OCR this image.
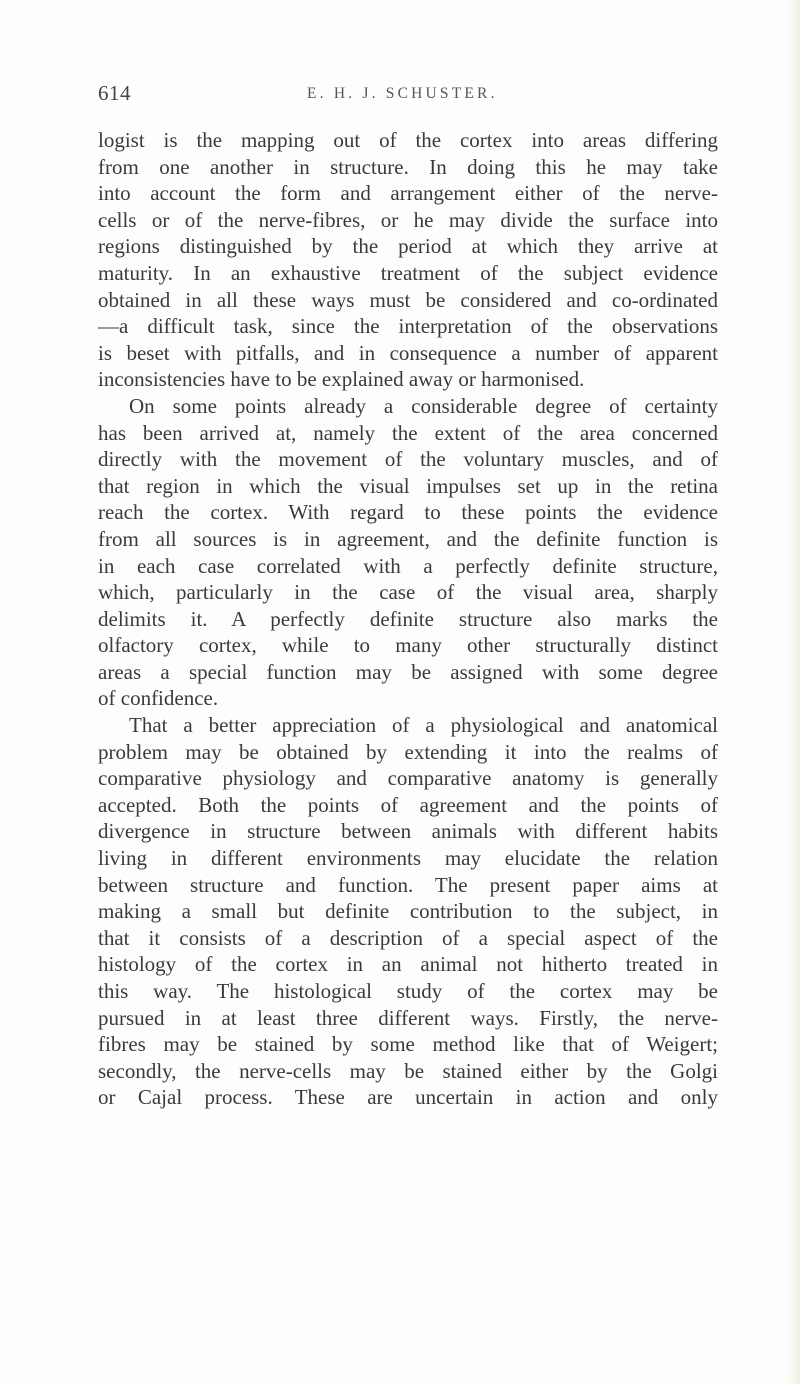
614	E. H. J. SCHUSTER.
logist is the mapping out of the cortex into areas differing
from one another in structure. In doing this he may take
into account the form and arrangement either of the nerve-
cells or of the nerve-fibres, or he may divide the surface into
regions distinguished by the period at which they arrive at
maturity. In an exhaustive treatment of the subject evidence
obtained in all these ways must be considered and co-ordinated
—a difficult task, since the interpretation of the observations
is beset with pitfalls, and in consequence a number of apparent
inconsistencies have to be explained away or harmonised.
On some points already a considerable degree of certainty
has been arrived at, namely the extent of the area concerned
directly with the movement of the voluntary muscles, and of
that region in which the visual impulses set up in the retina
reach the cortex. With regard to these points the evidence
from all sources is in agreement, and the definite function is
in each case correlated with a perfectly definite structure,
which, particularly in the case of the visual area, sharply
delimits it. A perfectly definite structure also marks the
olfactory cortex, while to many other structurally distinct
areas a special function may be assigned with some degree
of confidence.
That a better appreciation of a physiological and anatomical
problem may be obtained by extending it into the realms of
comparative physiology and comparative anatomy is generally
accepted. Both the points of agreement and the points of
divergence in structure between animals with different habits
living in different environments may elucidate the relation
between structure and function. The present paper aims at
making a small but definite contribution to the subject, in
that it consists of a description of a special aspect of the
histology of the cortex in an animal not hitherto treated in
this way. The histological study of the cortex may be
pursued in at least three different ways. Firstly, the nerve-
fibres may be stained by some method like that of Weigert;
secondly, the nerve-cells may be stained either by the Golgi
or Cajal process. These are uncertain in action and only
